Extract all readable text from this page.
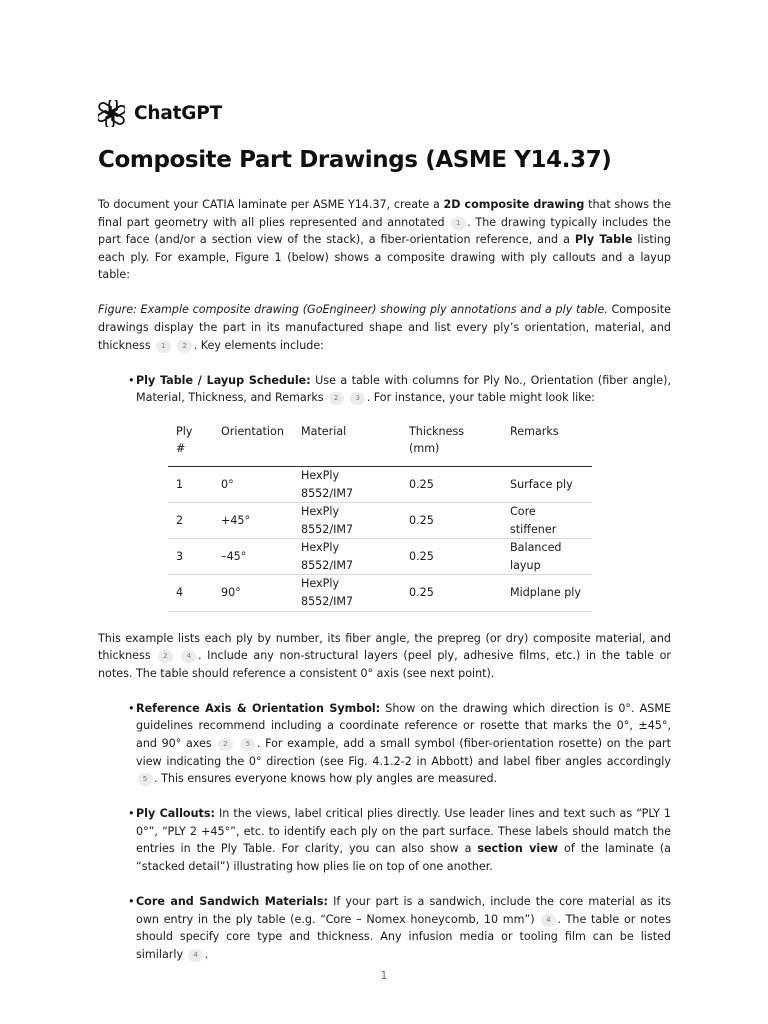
ChatGPT
Composite Part Drawings (ASME Y14.37)

To document your CATIA laminate per ASME Y14.37, create a 2D composite drawing that shows the final part geometry with all plies represented and annotated 1 . The drawing typically includes the part face (and/or a section view of the stack), a fiber-orientation reference, and a Ply Table listing each ply. For example, Figure 1 (below) shows a composite drawing with ply callouts and a layup table:

Figure: Example composite drawing (GoEngineer) showing ply annotations and a ply table. Composite drawings display the part in its manufactured shape and list every ply’s orientation, material, and thickness 1 2 . Key elements include:

• Ply Table / Layup Schedule: Use a table with columns for Ply No., Orientation (fiber angle), Material, Thickness, and Remarks 2 3 . For instance, your table might look like:

Ply #	Orientation	Material	Thickness (mm)	Remarks
1	0°	HexPly 8552/IM7	0.25	Surface ply
2	+45°	HexPly 8552/IM7	0.25	Core stiffener
3	–45°	HexPly 8552/IM7	0.25	Balanced layup
4	90°	HexPly 8552/IM7	0.25	Midplane ply

This example lists each ply by number, its fiber angle, the prepreg (or dry) composite material, and thickness 2	4 . Include any non-structural layers (peel ply, adhesive films, etc.) in the table or notes. The table should reference a consistent 0° axis (see next point).

• Reference Axis & Orientation Symbol: Show on the drawing which direction is 0°. ASME guidelines recommend including a coordinate reference or rosette that marks the 0°, ±45°, and 90° axes 2	5 . For example, add a small symbol (fiber-orientation rosette) on the part view indicating the 0° direction (see Fig. 4.1.2-2 in Abbott) and label fiber angles accordingly 5 . This ensures everyone knows how ply angles are measured.

• Ply Callouts: In the views, label critical plies directly. Use leader lines and text such as “PLY 1 0°”, “PLY 2 +45°”, etc. to identify each ply on the part surface. These labels should match the entries in the Ply Table. For clarity, you can also show a section view of the laminate (a “stacked detail”) illustrating how plies lie on top of one another.

• Core and Sandwich Materials: If your part is a sandwich, include the core material as its own entry in the ply table (e.g. “Core – Nomex honeycomb, 10 mm”) 4 . The table or notes should specify core type and thickness. Any infusion media or tooling film can be listed similarly 4 .

1
